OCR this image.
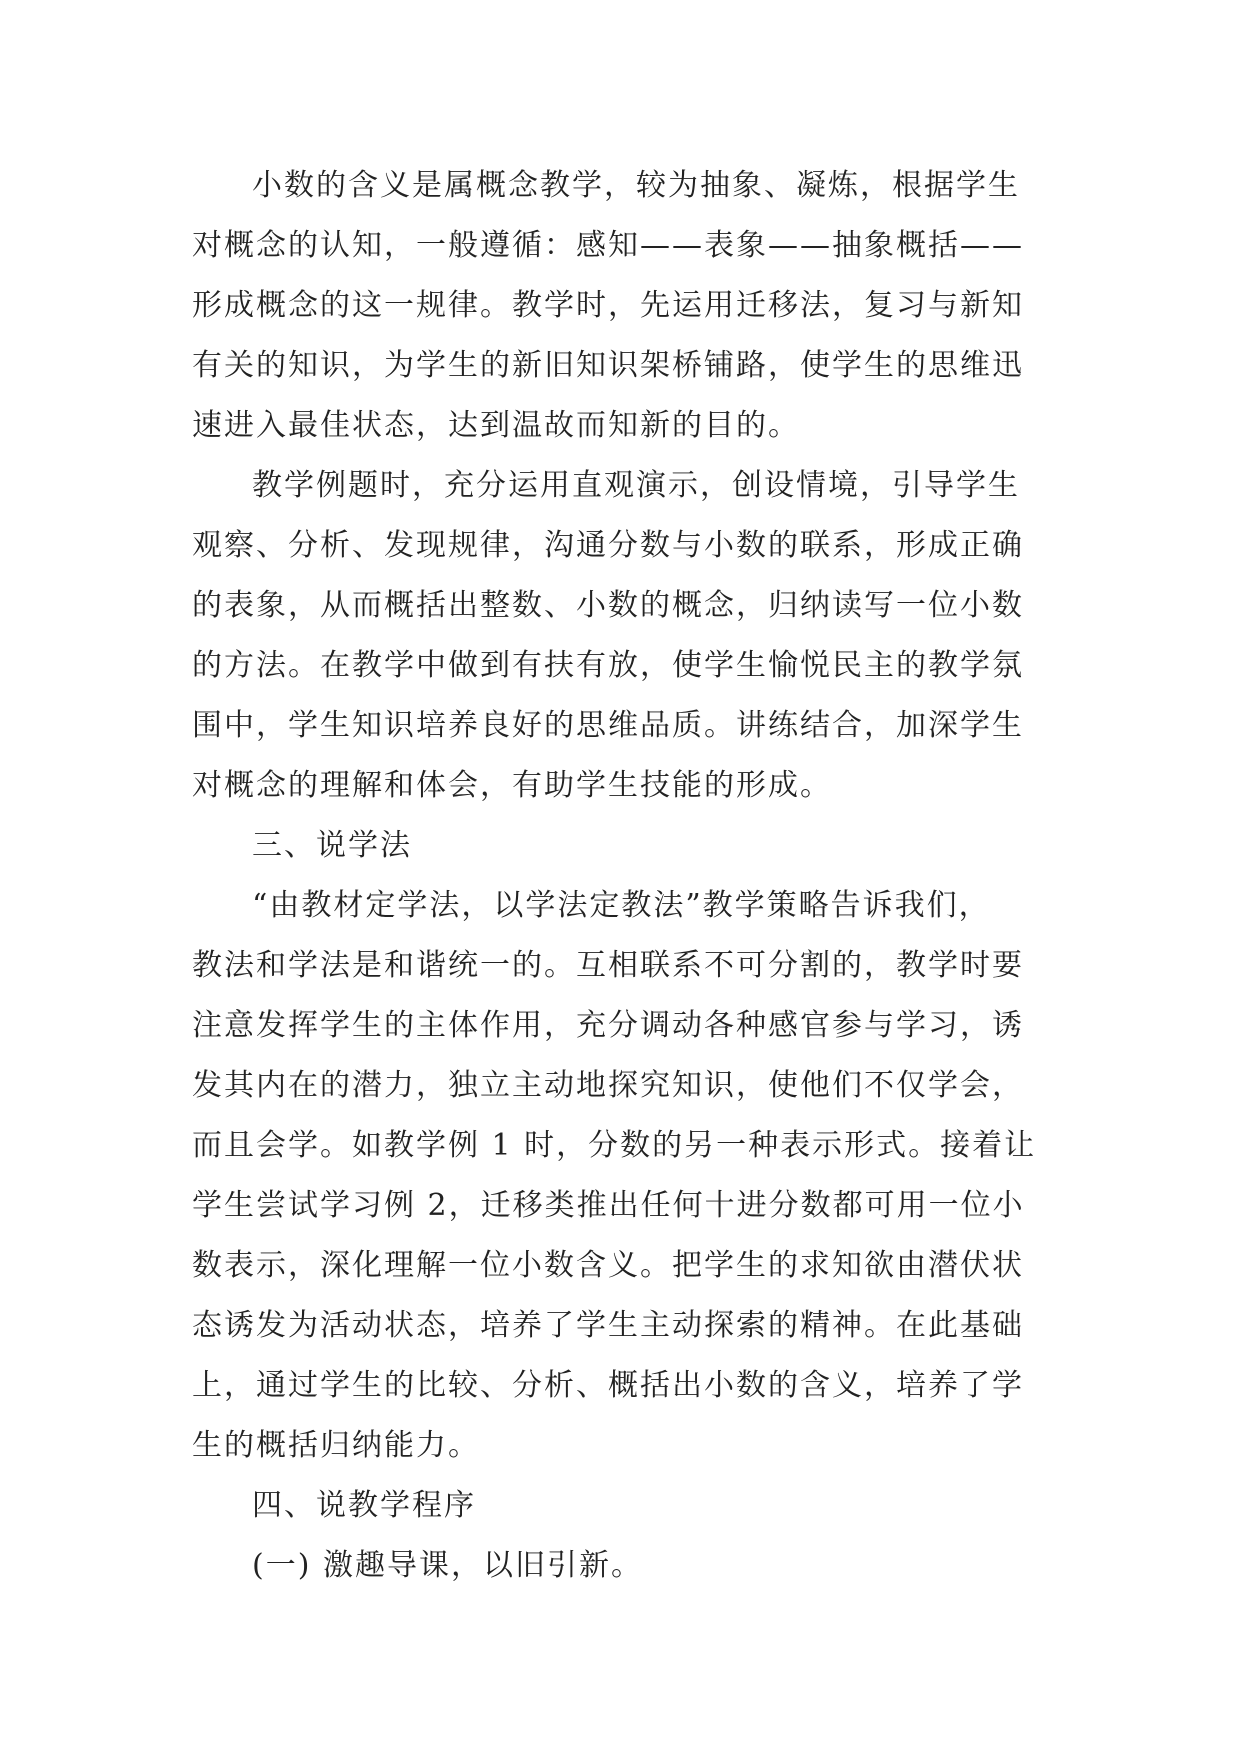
小数的含义是属概念教学，较为抽象、凝炼，根据学生
对概念的认知，一般遵循：感知——表象——抽象概括——
形成概念的这一规律。教学时，先运用迁移法，复习与新知
有关的知识，为学生的新旧知识架桥铺路，使学生的思维迅
速进入最佳状态，达到温故而知新的目的。
教学例题时，充分运用直观演示，创设情境，引导学生
观察、分析、发现规律，沟通分数与小数的联系，形成正确
的表象，从而概括出整数、小数的概念，归纳读写一位小数
的方法。在教学中做到有扶有放，使学生愉悦民主的教学氛
围中，学生知识培养良好的思维品质。讲练结合，加深学生
对概念的理解和体会，有助学生技能的形成。
三、说学法
“由教材定学法，以学法定教法”教学策略告诉我们，
教法和学法是和谐统一的。互相联系不可分割的，教学时要
注意发挥学生的主体作用，充分调动各种感官参与学习，诱
发其内在的潜力，独立主动地探究知识，使他们不仅学会，
而且会学。如教学例 1 时，分数的另一种表示形式。接着让
学生尝试学习例 2，迁移类推出任何十进分数都可用一位小
数表示，深化理解一位小数含义。把学生的求知欲由潜伏状
态诱发为活动状态，培养了学生主动探索的精神。在此基础
上，通过学生的比较、分析、概括出小数的含义，培养了学
生的概括归纳能力。
四、说教学程序
(一) 激趣导课，以旧引新。
